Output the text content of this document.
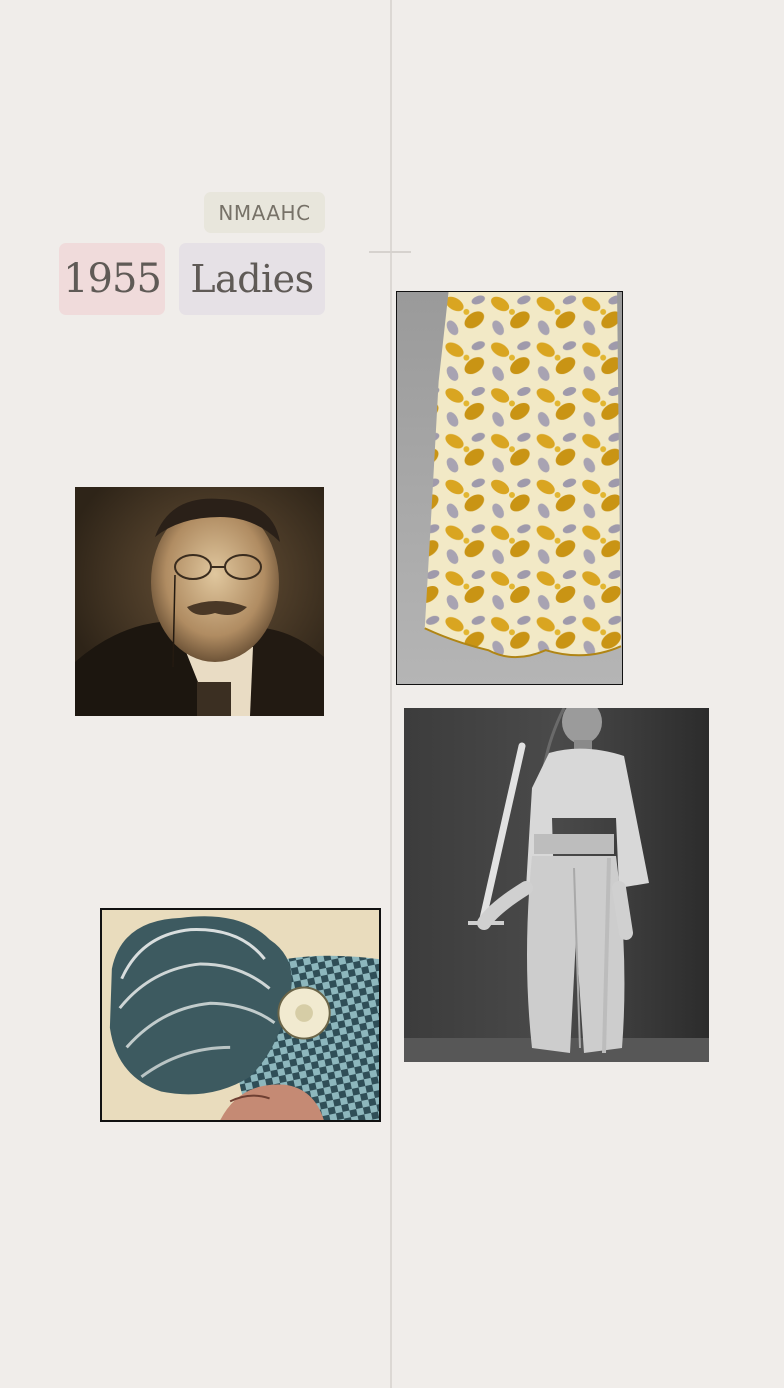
NMAAHC
1955 Ladies
